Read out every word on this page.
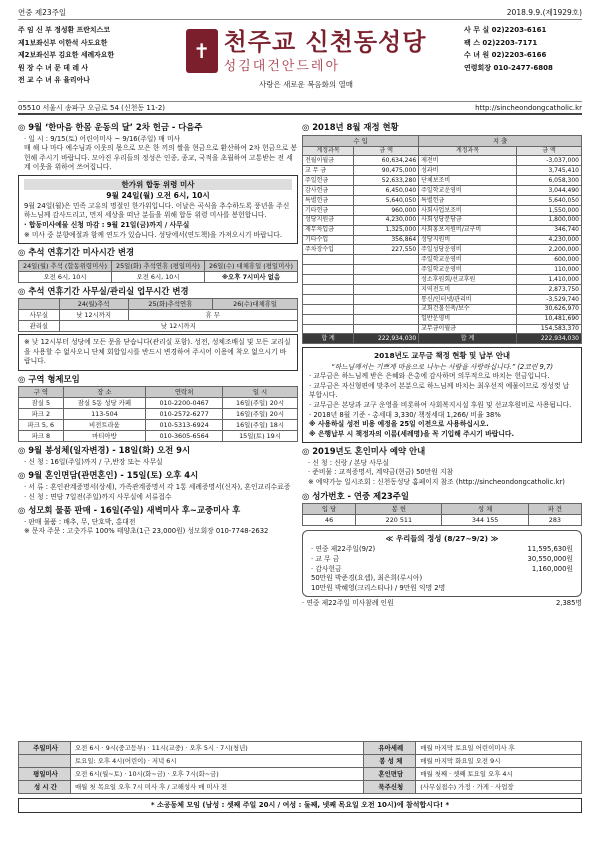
연중 제23주일	2018.9.9.(제1929호)
주 임 신 부 정성환 프란치스코
제1보좌신부 이한석 사도요한
제2보좌신부 김요한 세례자요한
원 장 수 녀 문 데 레 사
전 교 수 녀 유 율리아나
✝ 천주교 신천동성당
성김대건안드레아
사랑은 새로운 복음화의 열매
사 무 실 02)2203-6161
팩 스 02)2203-7171
수 녀 원 02)2203-6166
연령회장 010-2477-6808
05510 서울시 송파구 오금로 54 (신천동 11-2)	http://sincheondongcatholic.kr
◎ 9월 ‘한마음 한몸 운동의 달’ 2차 헌금 - 다음주

· 일 시 : 9/15(토) 어린이미사 ~ 9/16(주일) 매 미사
매 해 나 마다 예수님과 이웃의 몫으로 모은 한 끼의 쌀을 현금으로 환산하여 2차 헌금으로 봉헌해 주시기 바랍니다. 모아진 우리들의 정성은 인종, 종교, 국적을 초월하여 고통받는 전 세계 이웃을 위하여 쓰여집니다.

한가위 합동 위령 미사
9월 24일(월) 오전 6시, 10시

9월 24일(월)은 민족 고유의 명절인 한가위입니다. 이날은 곡식을 추수하도록 풍년을 주신 하느님께 감사드리고, 먼저 세상을 떠난 분들을 위해 합동 위령 미사를 봉헌합니다.

· 합동미사예물 신청 마감 : 9월 21일(금)까지 / 사무실

※ 미사 중 분향예절과 함께 연도가 있습니다. 성당에서(연도책)을 가져오시기 바랍니다.

◎ 추석 연휴기간 미사시간 변경
24일(월) 추석 (합동위령미사)	25일(화) 추석연휴 (평일미사)	26일(수) 대체휴일 (평일미사)
오전 6시, 10시	오전 6시, 10시	※오후 7시미사 없음
◎ 추석 연휴기간 사무실/관리실 업무시간 변경
	24(월)추석	25(화)추석연휴	26(수)대체휴일
사무실	낮 12시까지	휴 무	
관리실	낮 12시까지		

※ 낮 12시부터 성당에 모든 문을 닫습니다(관리실 포함). 성전, 성체조배실 및 모든 교리실을 사용할 수 없사오니 단체 회합일시를 반드시 변경하여 주시어 이용에 착오 없으시기 바랍니다.

◎ 구역 형제모임
구 역	장 소	연락처	일 시
잠실 5	잠실 5동 성당 카페	010-2200-0467	16일(주일) 20시
파크 2	113-504	010-2572-6277	16일(주일) 20시
파크 5, 6	비전트라움	010-5313-6924	16일(주일) 18시
파크 8	마티아방	010-3605-6564	15일(토) 19시
◎ 9월 봉성체(일자변경) - 18일(화) 오전 9시

· 신 청 : 16일(주일)까지 / 구,반장 또는 사무실

◎ 9월 혼인면담(관면혼인) - 15일(토) 오후 4시

· 서 류 : 혼인관계증명서(상세), 가족관계증명서 각 1통 세례증명서(신자), 혼인교리수료증
· 신 청 : 면담 7일전(주일)까지 사무실에 서류접수

◎ 성모회 물품 판매 - 16일(주일) 새벽미사 후~교중미사 후

· 판매 물품 : 배추, 무, 단호박, 홍대전
※ 문자 주문 : 고춧가루 100% 태양초(1근 23,000원) 성모회장 010-7748-2632

◎ 2018년 8월 재정 현황
수 입		지 출	
계정과목	금 액	계정과목	금 액
전월이월금	60,634,246	제전비	-3,037,000
교 무 금	90,475,000	성과비	3,745,410
주일헌금	52,633,280	단체보조비	6,058,300
감사헌금	6,450,040	주일학교운영비	3,044,490
특별헌금	5,640,050	특별헌금	5,640,050
기타헌금	960,000	사회사업보조비	1,550,000
성당지원금	4,230,000	사회성당분담금	1,800,000
재무차입금	1,325,000	사회홍보지원비/교구비	346,740
기타수입	356,864	성당지원비	4,230,000
주차장수입	227,550	주일성당운영비	2,200,000
		주일학교운영비	600,000
		주일학교운영비	110,000
		성소후원회/선교후원	1,410,000
		지역전도비	2,873,750
		통신/인터넷/관리비	-3,529,740
		교회건물신축/보수	30,626,970
		일반운영비	10,481,690
		교무금이월금	154,583,370
합 계	222,934,030	합 계	222,934,030
2018년도 교무금 책정 현황 및 납부 안내

“하느님께서는 기쁘게 마음으로 나누는 사람을 사랑하십니다.” (2코린 9,7)

· 교무금은 하느님께 받은 은혜와 은총에 감사하며 의무적으로 바치는 헌금입니다.

· 교무금은 자신형편에 맞추어 본분으로 하느님께 바치는 최우선적 예물이므로 정성껏 납부합시다.

· 교무금은 본당과 교구 운영을 비롯하여 사회복지시설 후원 및 선교후원비로 사용됩니다.

· 2018년 8월 기준 - 총세대 3,330/ 책정세대 1,266/ 비율 38%

※ 사용하실 성전 비용 예정을 25일 이전으로 사용하십시오.
※ 은행납부 시 책정자의 이름(세례명)을 꼭 기입해 주시기 바랍니다.

◎ 2019년도 혼인미사 예약 안내

· 신 청 : 신랑 / 본당 사무실
· 준비물 : 교적증명서, 계약금(현금) 50만원 지참
※ 예약가능 일시조회 : 신천동성당 홈페이지 참조 (http://sincheondongcatholic.kr)

◎ 성가번호 - 연중 제23주일
입 당	봉 헌	성 체	파 견
46	220 511	344 155	283
≪ 우리들의 정성 (8/27~9/2) ≫
· 연중 제22주일(9/2)	11,595,630원
· 교 무 금	30,550,000원
· 감사헌금	1,160,000원
50만원 박준경(요셉), 최은희(루시아)
10만원 박혜영(크리스티나) / 9만원 익명 2명
· 연중 제22주일 미사참례 인원	2,385명
주일미사	오전 6시 · 9시(중고등부) · 11시(교중) · 오후 5시 · 7시(청년)	유아세례	매월 마지막 토요일 어린이미사 후
	토요일: 오후 4시(어린이) · 저녁 6시	봉 성 체	매월 마지막 화요일 오전 9시
평일미사	오전 6시(월~토) · 10시(화~금) · 오후 7시(화~금)	혼인면담	매월 첫째 · 셋째 토요일 오후 4시
성 시 간	매월 첫 목요일 오후 7시 미사 후 / 고해성사 매 미사 전	묵주신청	(사무실접수) 가정 · 가게 · 사업장
* 소공동체 모임 (남성 : 셋째 주일 20시 / 여성 : 둘째, 넷째 목요일 오전 10시)에 참석합시다! *
